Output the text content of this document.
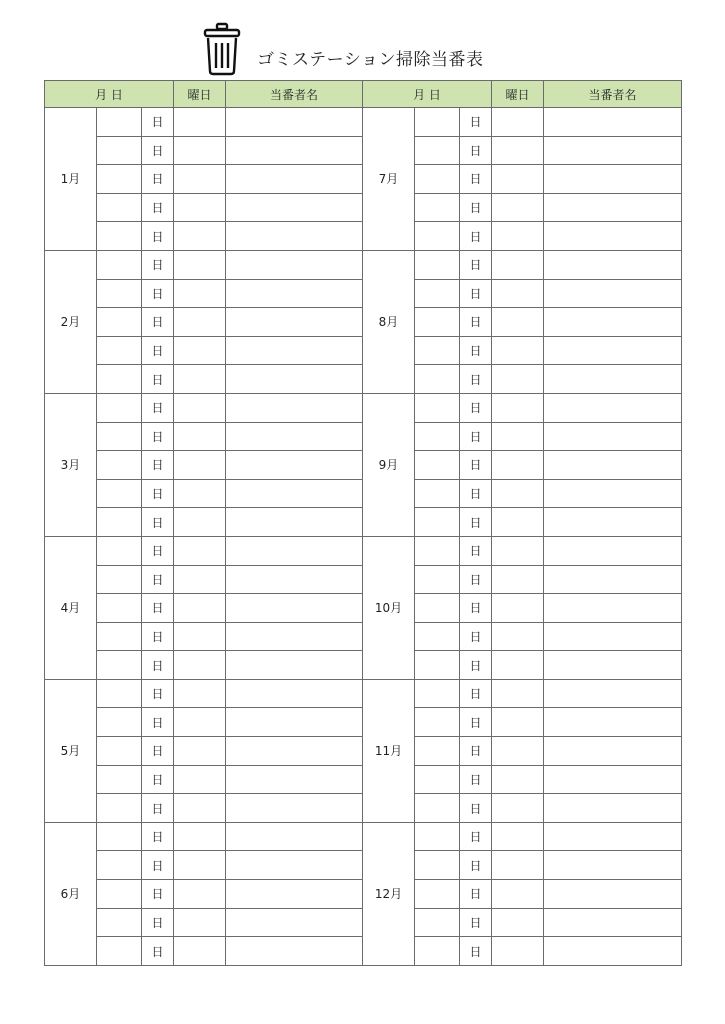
ゴミステーション掃除当番表
月 日			曜日	当番者名	月 日			曜日	当番者名
1月		日			7月		日		
		日					日		
		日					日		
		日					日		
		日					日		
2月		日			8月		日		
		日					日		
		日					日		
		日					日		
		日					日		
3月		日			9月		日		
		日					日		
		日					日		
		日					日		
		日					日		
4月		日			10月		日		
		日					日		
		日					日		
		日					日		
		日					日		
5月		日			11月		日		
		日					日		
		日					日		
		日					日		
		日					日		
6月		日			12月		日		
		日					日		
		日					日		
		日					日		
		日					日		
